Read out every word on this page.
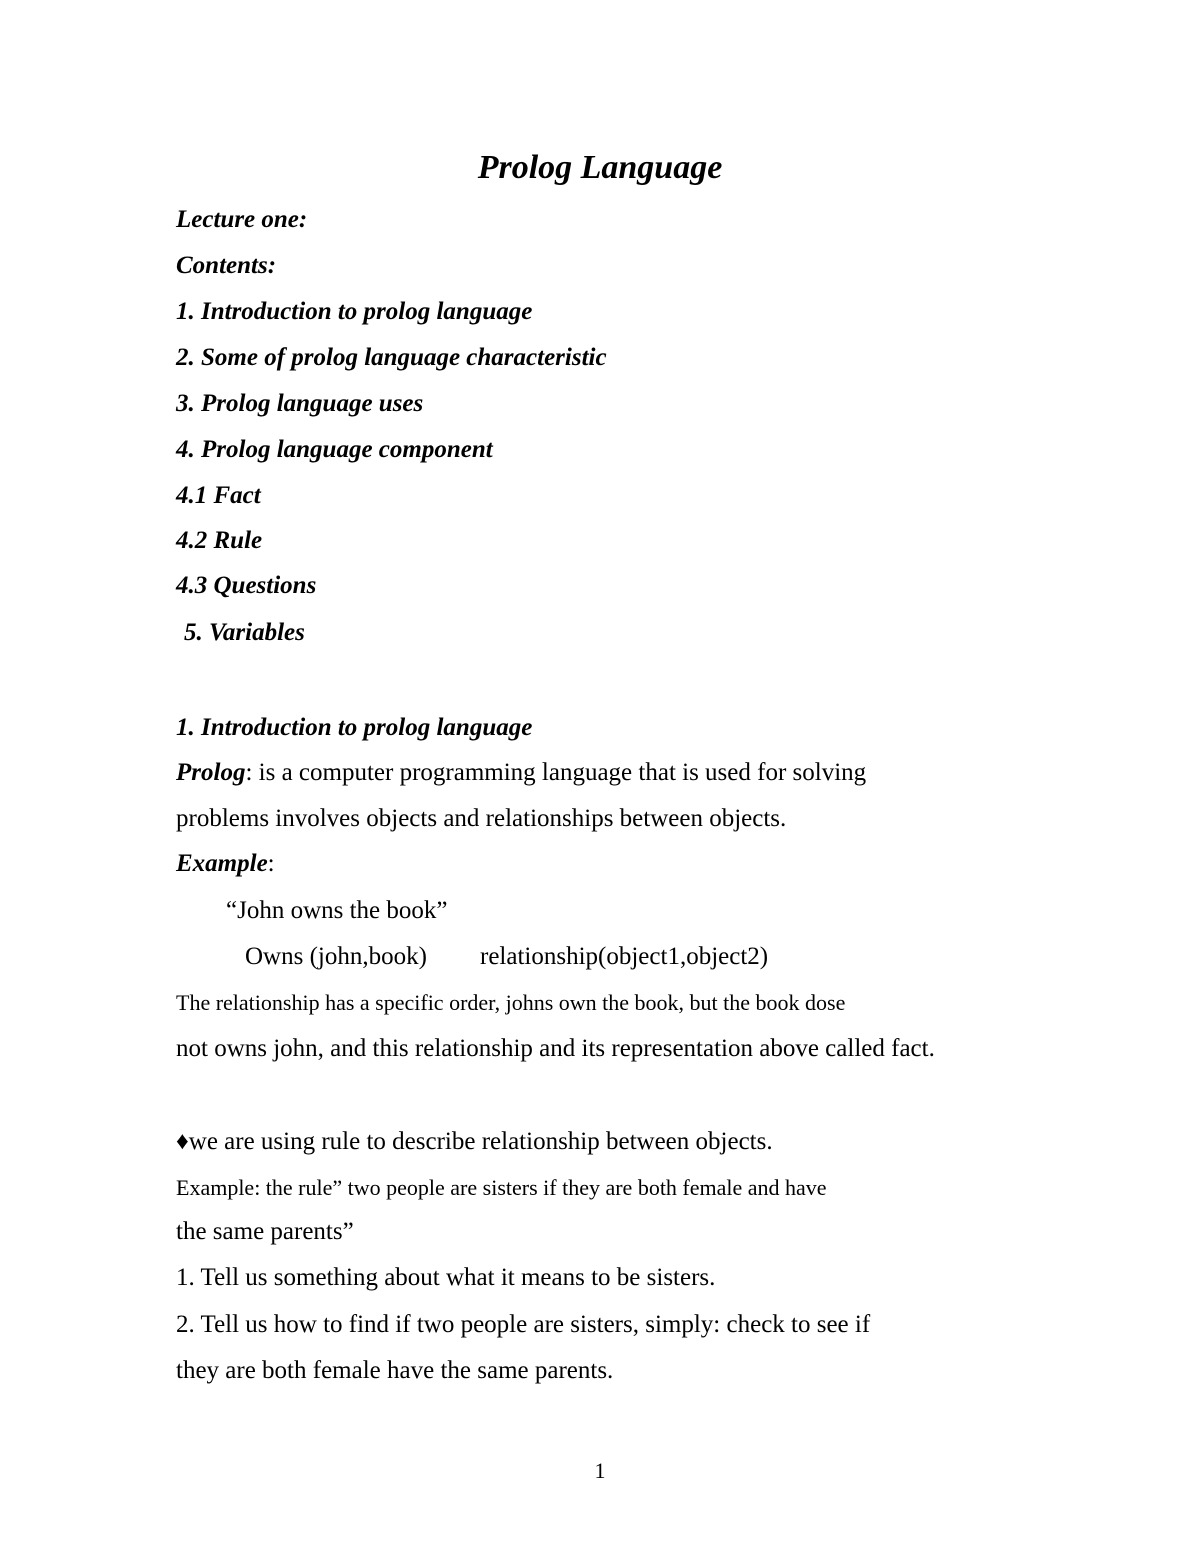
Prolog Language
Lecture one:
Contents:
1. Introduction to prolog language
2. Some of prolog language characteristic
3. Prolog language uses
4. Prolog language component
4.1 Fact
4.2 Rule
4.3 Questions
5. Variables
1. Introduction to prolog language
Prolog: is a computer programming language that is used for solving
problems involves objects and relationships between objects.
Example:
“John owns the book”
Owns (john,book) relationship(object1,object2)
The relationship has a specific order, johns own the book, but the book dose
not owns john, and this relationship and its representation above called fact.
♦we are using rule to describe relationship between objects.
Example: the rule” two people are sisters if they are both female and have
the same parents”
1. Tell us something about what it means to be sisters.
2. Tell us how to find if two people are sisters, simply: check to see if
they are both female have the same parents.
1
